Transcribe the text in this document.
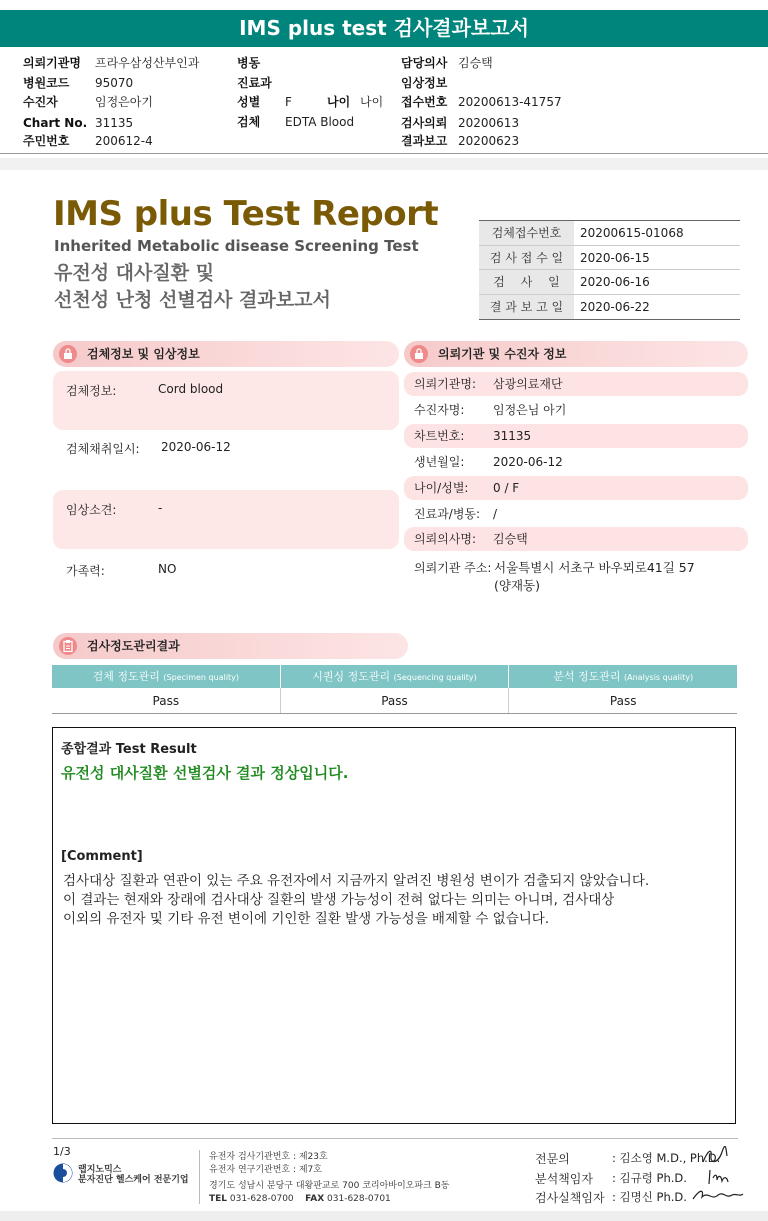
IMS plus test 검사결과보고서
의뢰기관명 프라우삼성산부인과
병원코드 95070
수진자	임정은아기
Chart No. 31135
주민번호 200612-4
병동
진료과
성별 F	나이 나이
검체 EDTA Blood
담당의사 김승택
임상정보
접수번호 20200613-41757
검사의뢰 20200613
결과보고 20200623
IMS plus Test Report
Inherited Metabolic disease Screening Test
유전성 대사질환 및
선천성 난청 선별검사 결과보고서
검체접수번호	20200615-01068
검 사 접 수 일	2020-06-15
검　 사 　일	2020-06-16
결 과 보 고 일	2020-06-22
검체정보 및 임상정보
검체정보:	Cord blood
검체채취일시: 2020-06-12
임상소견:	-
가족력:	NO
의뢰기관 및 수진자 정보
의뢰기관명: 삼광의료재단
수진자명: 임정은님 아기
차트번호: 31135
생년월일: 2020-06-12
나이/성별: 0 / F
진료과/병동: /
의뢰의사명: 김승택
의뢰기관 주소: 서울특별시 서초구 바우뫼로41길 57
(양재동)
검사정도관리결과
검체 정도관리 (Specimen quality)	시퀀싱 정도관리 (Sequencing quality)	분석 정도관리 (Analysis quality)
Pass	Pass	Pass
종합결과 Test Result
유전성 대사질환 선별검사 결과 정상입니다.
[Comment]
검사대상 질환과 연관이 있는 주요 유전자에서 지금까지 알려진 병원성 변이가 검출되지 않았습니다.
이 결과는 현재와 장래에 검사대상 질환의 발생 가능성이 전혀 없다는 의미는 아니며, 검사대상
이외의 유전자 및 기타 유전 변이에 기인한 질환 발생 가능성을 배제할 수 없습니다.
1/3
랩지노믹스
분자진단 헬스케어 전문기업
유전자 검사기관번호 : 제23호
유전자 연구기관번호 : 제7호
경기도 성남시 분당구 대왕판교로 700 코리아바이오파크 B동
TEL 031-628-0700 FAX 031-628-0701
전문의	: 김소영 M.D., Ph.D.
분석책임자 : 김규령 Ph.D.
검사실책임자 : 김명신 Ph.D.
